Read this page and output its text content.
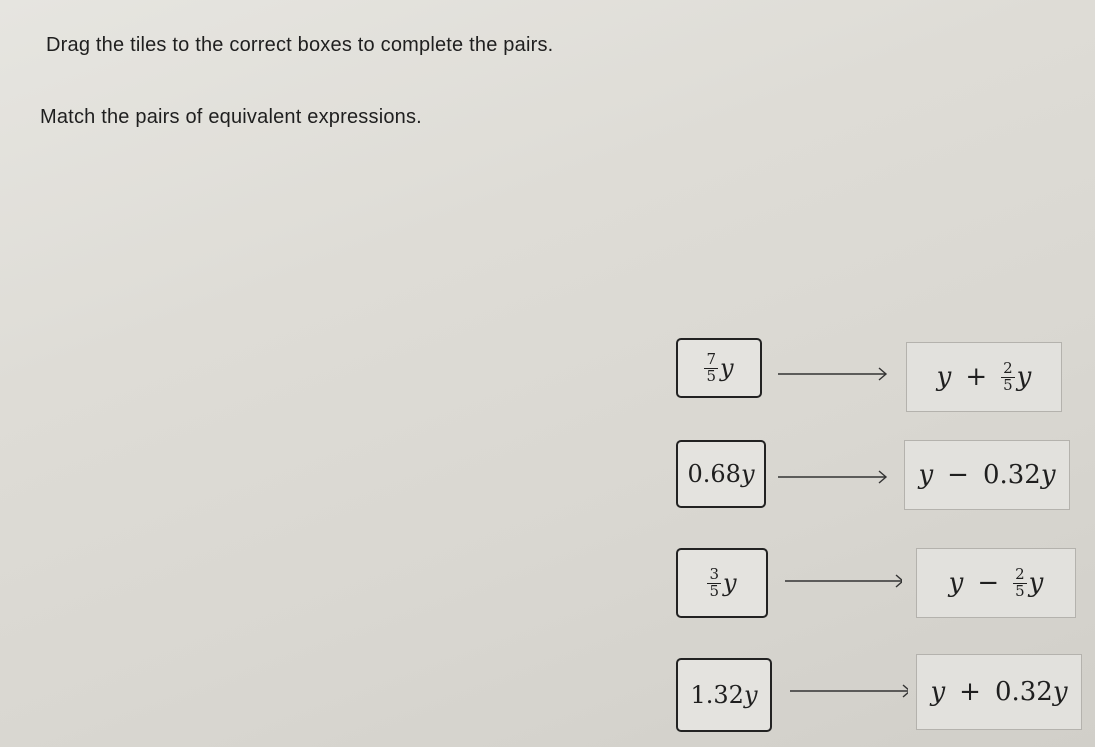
Drag the tiles to the correct boxes to complete the pairs.
Match the pairs of equivalent expressions.
$\frac{7}{5}$ y	$y + \frac{2}{5}$ y
0.68 y	y − 0.32 y
$\frac{3}{5}$ y	$y - \frac{2}{5}$ y
1.32 y	y + 0.32 y
